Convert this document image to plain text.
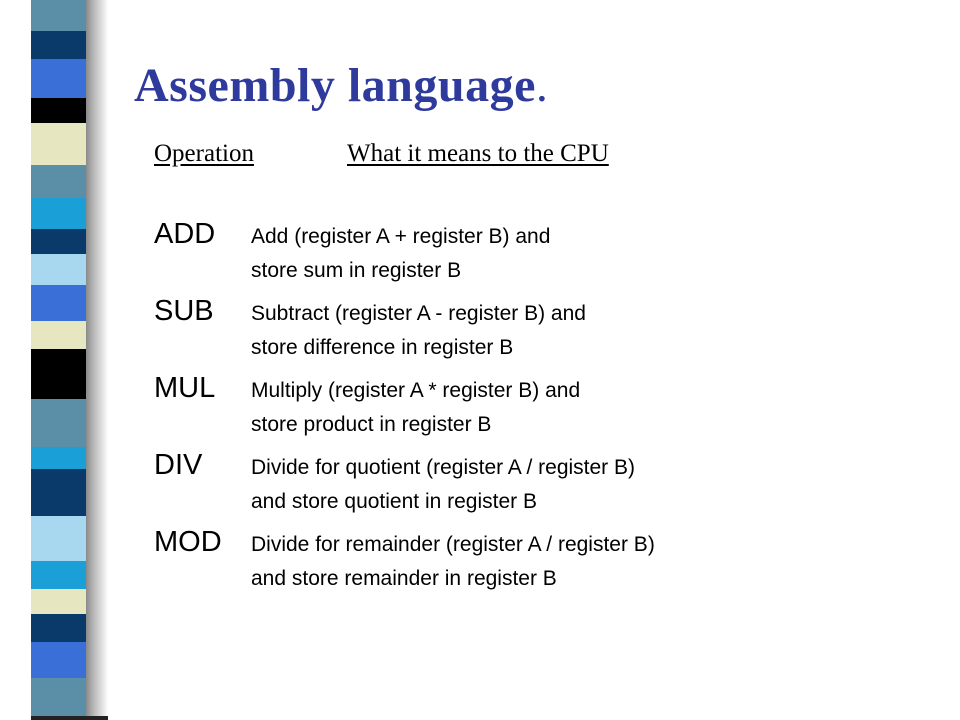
Assembly language.
Operation	What it means to the CPU
ADD Add (register A + register B) and
store sum in register B
SUB Subtract (register A - register B) and
store difference in register B
MUL Multiply (register A * register B) and
store product in register B
DIV Divide for quotient (register A / register B)
and store quotient in register B
MOD Divide for remainder (register A / register B)
and store remainder in register B
